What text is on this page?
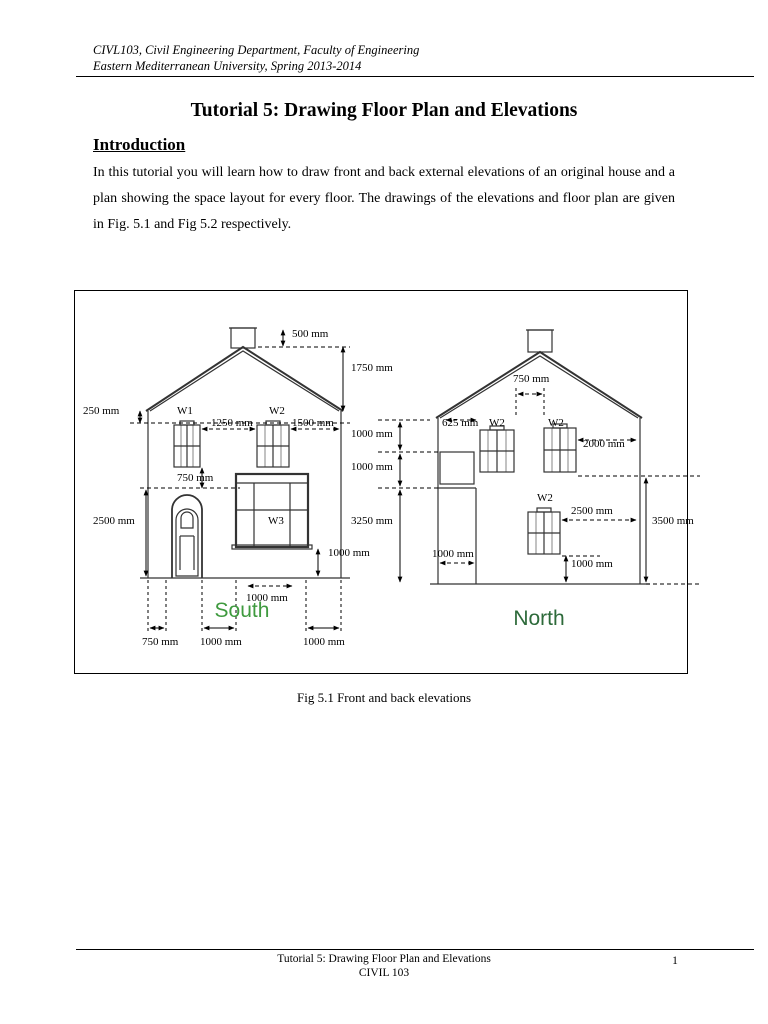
CIVL103, Civil Engineering Department, Faculty of Engineering
Eastern Mediterranean University, Spring 2013-2014
Tutorial 5: Drawing Floor Plan and Elevations
Introduction
In this tutorial you will learn how to draw front and back external elevations of an original house and a plan showing the space layout for every floor. The drawings of the elevations and floor plan are given in Fig. 5.1 and Fig 5.2 respectively.
500 mm
1750 mm
250 mm	W1	W2
1250 mm	1500 mm
1000 mm
1000 mm
750 mm
2500 mm	W3	3250 mm
1000 mm
1000 mm
750 mm 1000 mm	1000 mm
South
750 mm
625 mm W2	W2
2000 mm
W2
2500 mm
3500 mm
1000 mm
1000 mm
North
Fig 5.1 Front and back elevations
Tutorial 5: Drawing Floor Plan and Elevations
CIVIL 103
1
